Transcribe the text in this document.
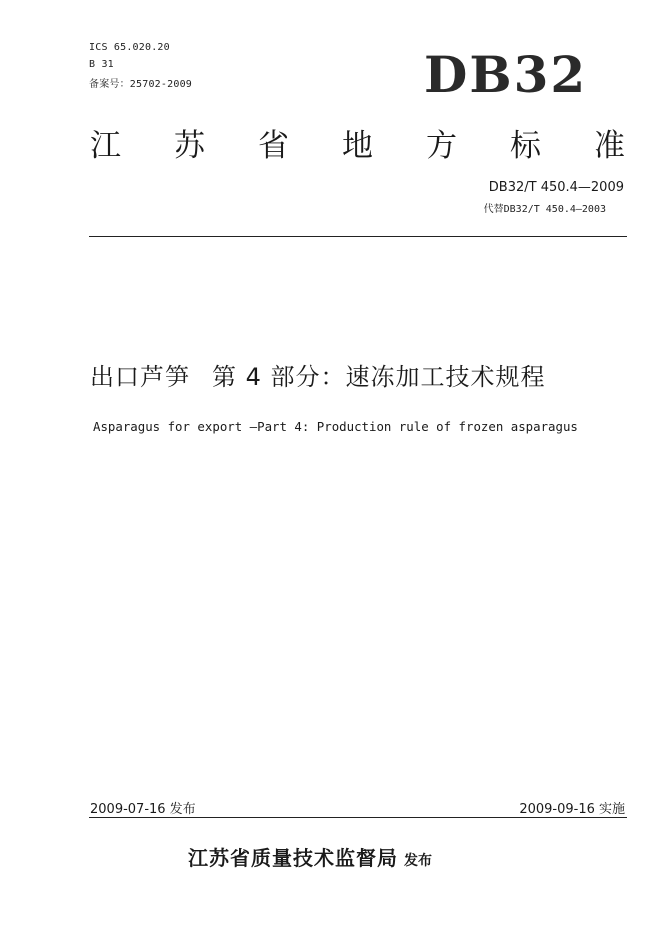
ICS 65.020.20
B 31
备案号：25702-2009	DB32
江 苏 省 地 方 标 准
DB32/T 450.4—2009
代替DB32/T 450.4—2003
出口芦笋 第 4 部分：速冻加工技术规程
Asparagus for export —Part 4: Production rule of frozen asparagus
2009-07-16 发布	2009-09-16 实施
江苏省质量技术监督局 发布
